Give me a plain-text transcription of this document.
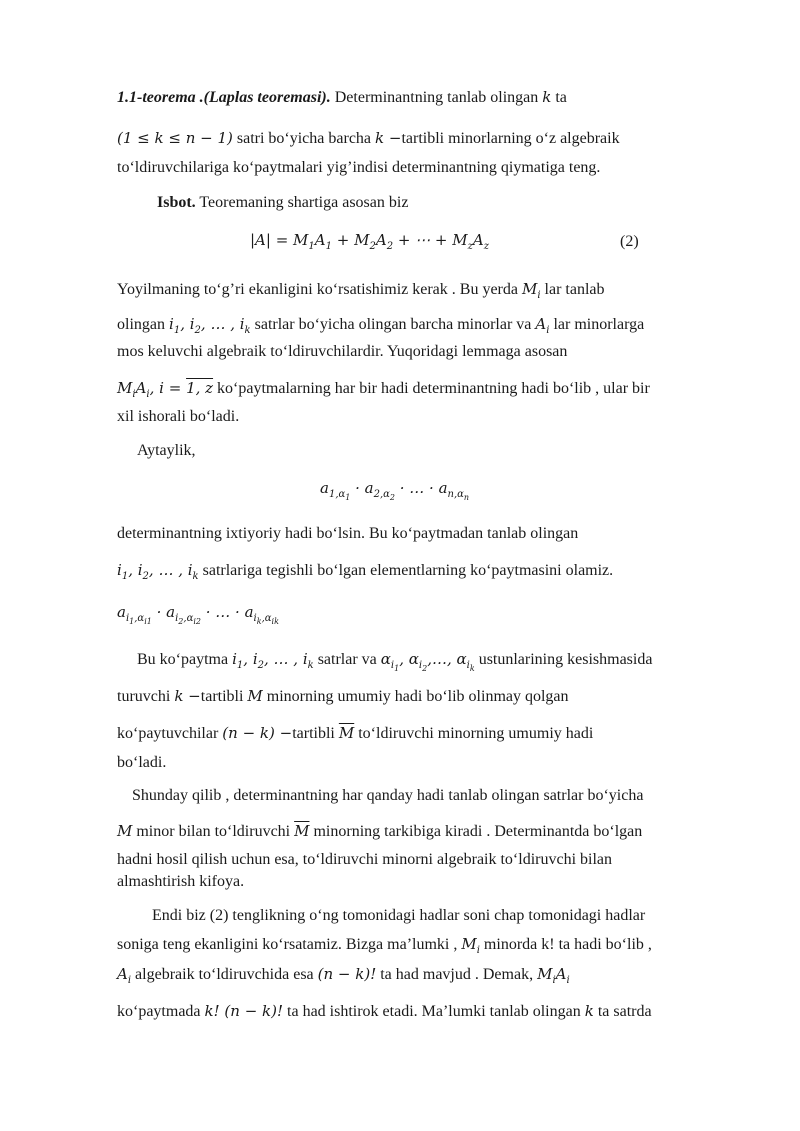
1.1-teorema .(Laplas teoremasi). Determinantning tanlab olingan k ta
(1 ≤ k ≤ n − 1) satri bo‘yicha barcha k −tartibli minorlarning o‘z algebraik
to‘ldiruvchilariga ko‘paytmalari yig’indisi determinantning qiymatiga teng.
Isbot. Teoremaning shartiga asosan biz
$|A| = M_1A_1 + M_2A_2$ + ⋯ + $M_zA_z$	(2)
Yoyilmaning to‘g’ri ekanligini ko‘rsatishimiz kerak . Bu yerda $M_i$ lar tanlab
olingan $i_1$, $i_2$, … , $i_k$ satrlar bo‘yicha olingan barcha minorlar va $A_i$ lar minorlarga
mos keluvchi algebraik to‘ldiruvchilardir. Yuqoridagi lemmaga asosan
$M_iA_i$, i = 1, z ko‘paytmalarning har bir hadi determinantning hadi bo‘lib , ular bir
xil ishorali bo‘ladi.
Aytaylik,
$a_{1,\alpha_1} \cdot a_{2,\alpha_2}$ · … · $a_{n,\alpha_n}$
determinantning ixtiyoriy hadi bo‘lsin. Bu ko‘paytmadan tanlab olingan
$i_1$, $i_2$, … , $i_k$ satrlariga tegishli bo‘lgan elementlarning ko‘paytmasini olamiz.
$a_{i_1,\alpha_{i1}} \cdot a_{i_2,\alpha_{i2}}$ · … · $a_{i_k,\alpha_{ik}}$
Bu ko‘paytma $i_1$, $i_2$, … , $i_k$ satrlar va $\alpha_{i_1}$, $\alpha_{i_2},\dots$, $\alpha_{i_k}$ ustunlarining kesishmasida
turuvchi k −tartibli M minorning umumiy hadi bo‘lib olinmay qolgan
ko‘paytuvchilar (n − k) −tartibli $\overline{M}$ to‘ldiruvchi minorning umumiy hadi
bo‘ladi.
Shunday qilib , determinantning har qanday hadi tanlab olingan satrlar bo‘yicha
M minor bilan to‘ldiruvchi $\overline{M}$ minorning tarkibiga kiradi . Determinantda bo‘lgan
hadni hosil qilish uchun esa, to‘ldiruvchi minorni algebraik to‘ldiruvchi bilan
almashtirish kifoya.
Endi biz (2) tenglikning o‘ng tomonidagi hadlar soni chap tomonidagi hadlar
soniga teng ekanligini ko‘rsatamiz. Bizga ma’lumki , $M_i$ minorda k! ta hadi bo‘lib ,
$A_i$ algebraik to‘ldiruvchida esa (n − k)! ta had mavjud . Demak, $M_iA_i$
ko‘paytmada k! (n − k)! ta had ishtirok etadi. Ma’lumki tanlab olingan k ta satrda
